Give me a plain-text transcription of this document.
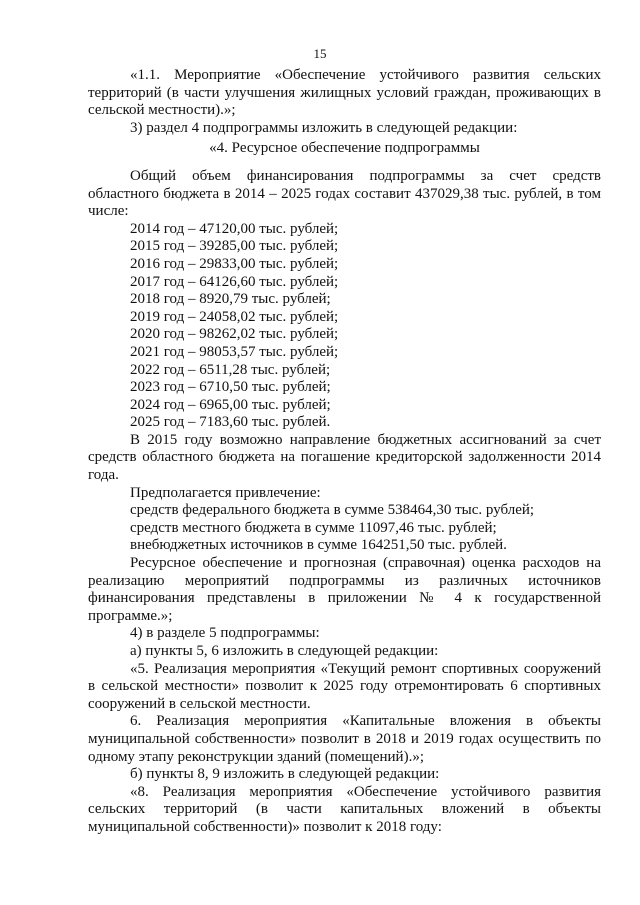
15

«1.1. Мероприятие «Обеспечение устойчивого развития сельских территорий (в части улучшения жилищных условий граждан, проживающих в сельской местности).»;

3) раздел 4 подпрограммы изложить в следующей редакции:

«4. Ресурсное обеспечение подпрограммы

Общий объем финансирования подпрограммы за счет средств областного бюджета в 2014 – 2025 годах составит 437029,38 тыс. рублей, в том числе:

2014 год – 47120,00 тыс. рублей;

2015 год – 39285,00 тыс. рублей;

2016 год – 29833,00 тыс. рублей;

2017 год – 64126,60 тыс. рублей;

2018 год – 8920,79 тыс. рублей;

2019 год – 24058,02 тыс. рублей;

2020 год – 98262,02 тыс. рублей;

2021 год – 98053,57 тыс. рублей;

2022 год – 6511,28 тыс. рублей;

2023 год – 6710,50 тыс. рублей;

2024 год – 6965,00 тыс. рублей;

2025 год – 7183,60 тыс. рублей.

В 2015 году возможно направление бюджетных ассигнований за счет средств областного бюджета на погашение кредиторской задолженности 2014 года.

Предполагается привлечение:

средств федерального бюджета в сумме 538464,30 тыс. рублей;

средств местного бюджета в сумме 11097,46 тыс. рублей;

внебюджетных источников в сумме 164251,50 тыс. рублей.

Ресурсное обеспечение и прогнозная (справочная) оценка расходов на реализацию мероприятий подпрограммы из различных источников финансирования представлены в приложении № 4 к государственной программе.»;

4) в разделе 5 подпрограммы:

а) пункты 5, 6 изложить в следующей редакции:

«5. Реализация мероприятия «Текущий ремонт спортивных сооружений в сельской местности» позволит к 2025 году отремонтировать 6 спортивных сооружений в сельской местности.

6. Реализация мероприятия «Капитальные вложения в объекты муниципальной собственности» позволит в 2018 и 2019 годах осуществить по одному этапу реконструкции зданий (помещений).»;

б) пункты 8, 9 изложить в следующей редакции:

«8. Реализация мероприятия «Обеспечение устойчивого развития сельских территорий (в части капитальных вложений в объекты муниципальной собственности)» позволит к 2018 году:
